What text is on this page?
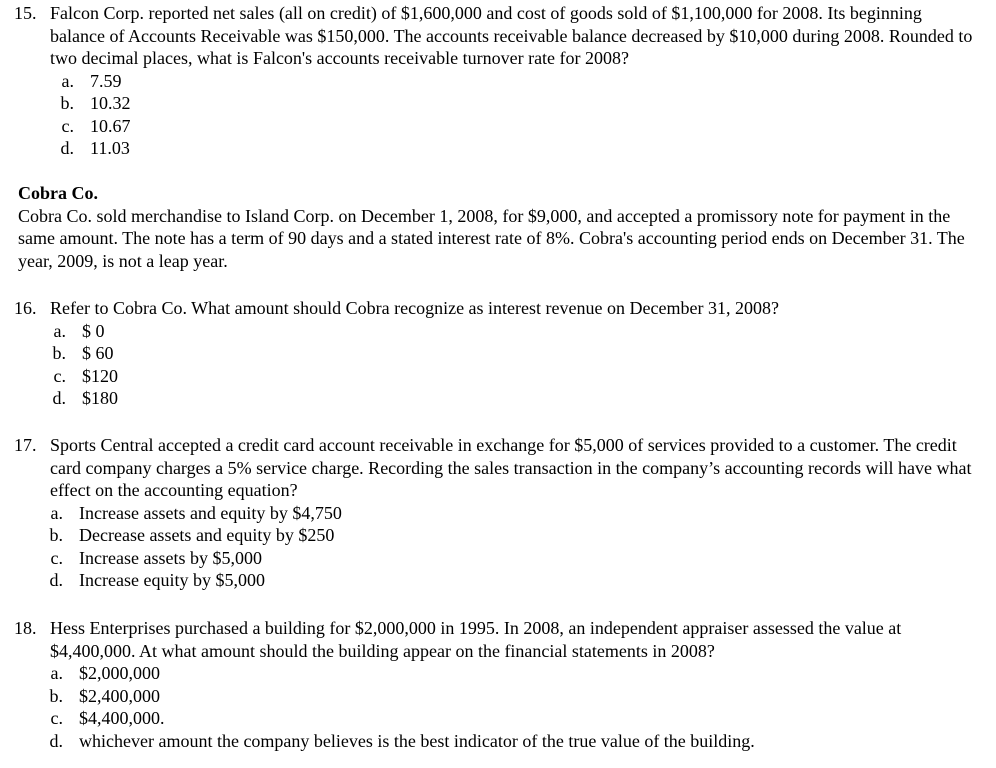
15. Falcon Corp. reported net sales (all on credit) of $1,600,000 and cost of goods sold of $1,100,000 for 2008. Its beginning balance of Accounts Receivable was $150,000. The accounts receivable balance decreased by $10,000 during 2008. Rounded to two decimal places, what is Falcon's accounts receivable turnover rate for 2008?
a. 7.59
b. 10.32
c. 10.67
d. 11.03
Cobra Co.
Cobra Co. sold merchandise to Island Corp. on December 1, 2008, for $9,000, and accepted a promissory note for payment in the same amount. The note has a term of 90 days and a stated interest rate of 8%. Cobra's accounting period ends on December 31. The year, 2009, is not a leap year.
16. Refer to Cobra Co. What amount should Cobra recognize as interest revenue on December 31, 2008?
a. $ 0
b. $ 60
c. $120
d. $180
17. Sports Central accepted a credit card account receivable in exchange for $5,000 of services provided to a customer. The credit card company charges a 5% service charge. Recording the sales transaction in the company’s accounting records will have what effect on the accounting equation?
a. Increase assets and equity by $4,750
b. Decrease assets and equity by $250
c. Increase assets by $5,000
d. Increase equity by $5,000
18. Hess Enterprises purchased a building for $2,000,000 in 1995. In 2008, an independent appraiser assessed the value at $4,400,000. At what amount should the building appear on the financial statements in 2008?
a. $2,000,000
b. $2,400,000
c. $4,400,000.
d. whichever amount the company believes is the best indicator of the true value of the building.
